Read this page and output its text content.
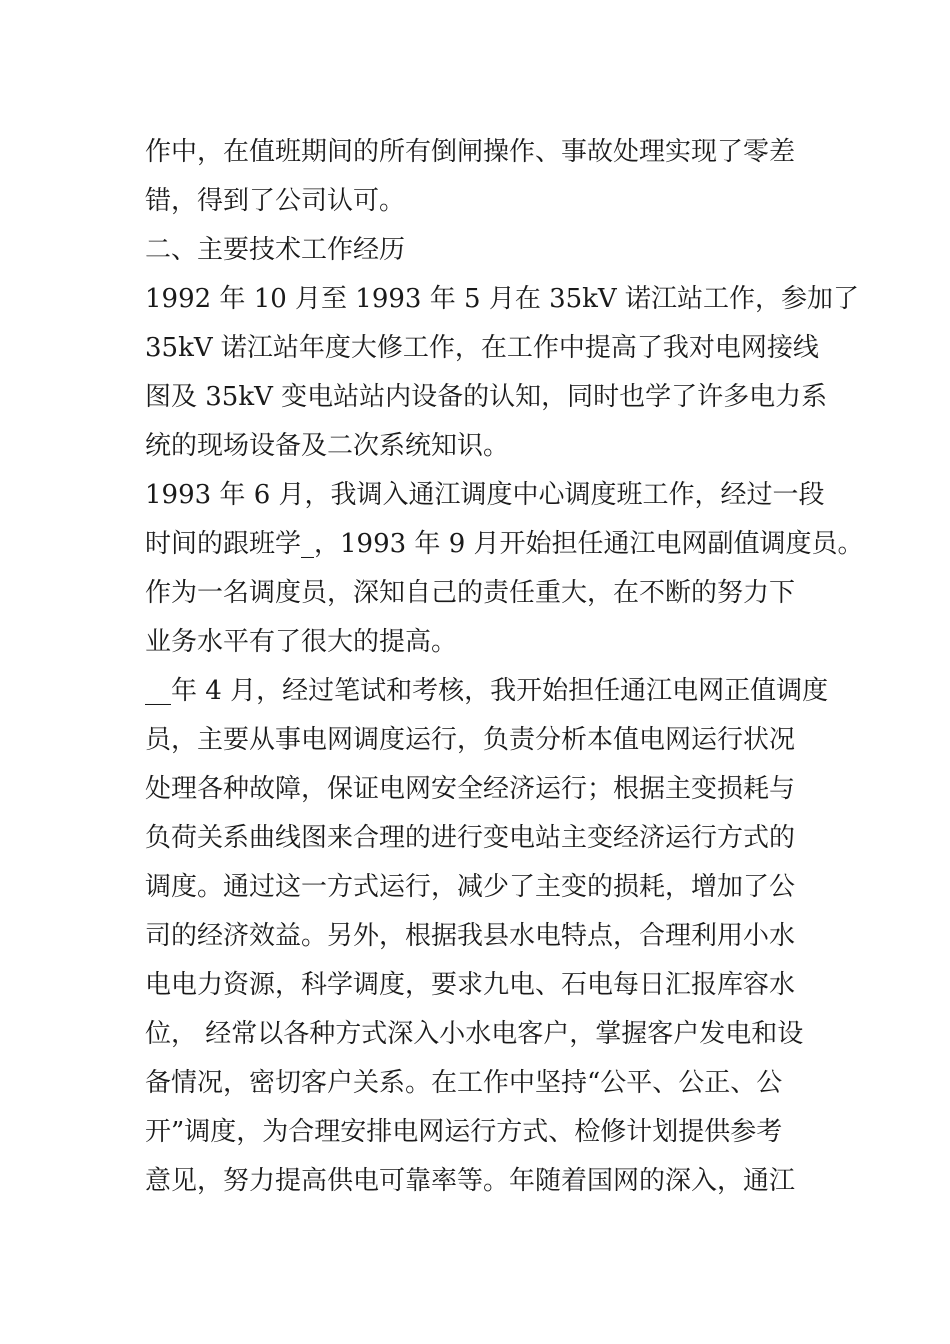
作中，在值班期间的所有倒闸操作、事故处理实现了零差
错，得到了公司认可。
二、主要技术工作经历
1992 年 10 月至 1993 年 5 月在 35kV 诺江站工作，参加了
35kV 诺江站年度大修工作，在工作中提高了我对电网接线
图及 35kV 变电站站内设备的认知，同时也学了许多电力系
统的现场设备及二次系统知识。
1993 年 6 月，我调入通江调度中心调度班工作，经过一段
时间的跟班学_，1993 年 9 月开始担任通江电网副值调度员。
作为一名调度员，深知自己的责任重大，在不断的努力下
业务水平有了很大的提高。
__年 4 月，经过笔试和考核，我开始担任通江电网正值调度
员，主要从事电网调度运行，负责分析本值电网运行状况
处理各种故障，保证电网安全经济运行；根据主变损耗与
负荷关系曲线图来合理的进行变电站主变经济运行方式的
调度。通过这一方式运行，减少了主变的损耗，增加了公
司的经济效益。另外，根据我县水电特点，合理利用小水
电电力资源，科学调度，要求九电、石电每日汇报库容水
位， 经常以各种方式深入小水电客户，掌握客户发电和设
备情况，密切客户关系。在工作中坚持“公平、公正、公
开”调度，为合理安排电网运行方式、检修计划提供参考
意见，努力提高供电可靠率等。年随着国网的深入，通江
